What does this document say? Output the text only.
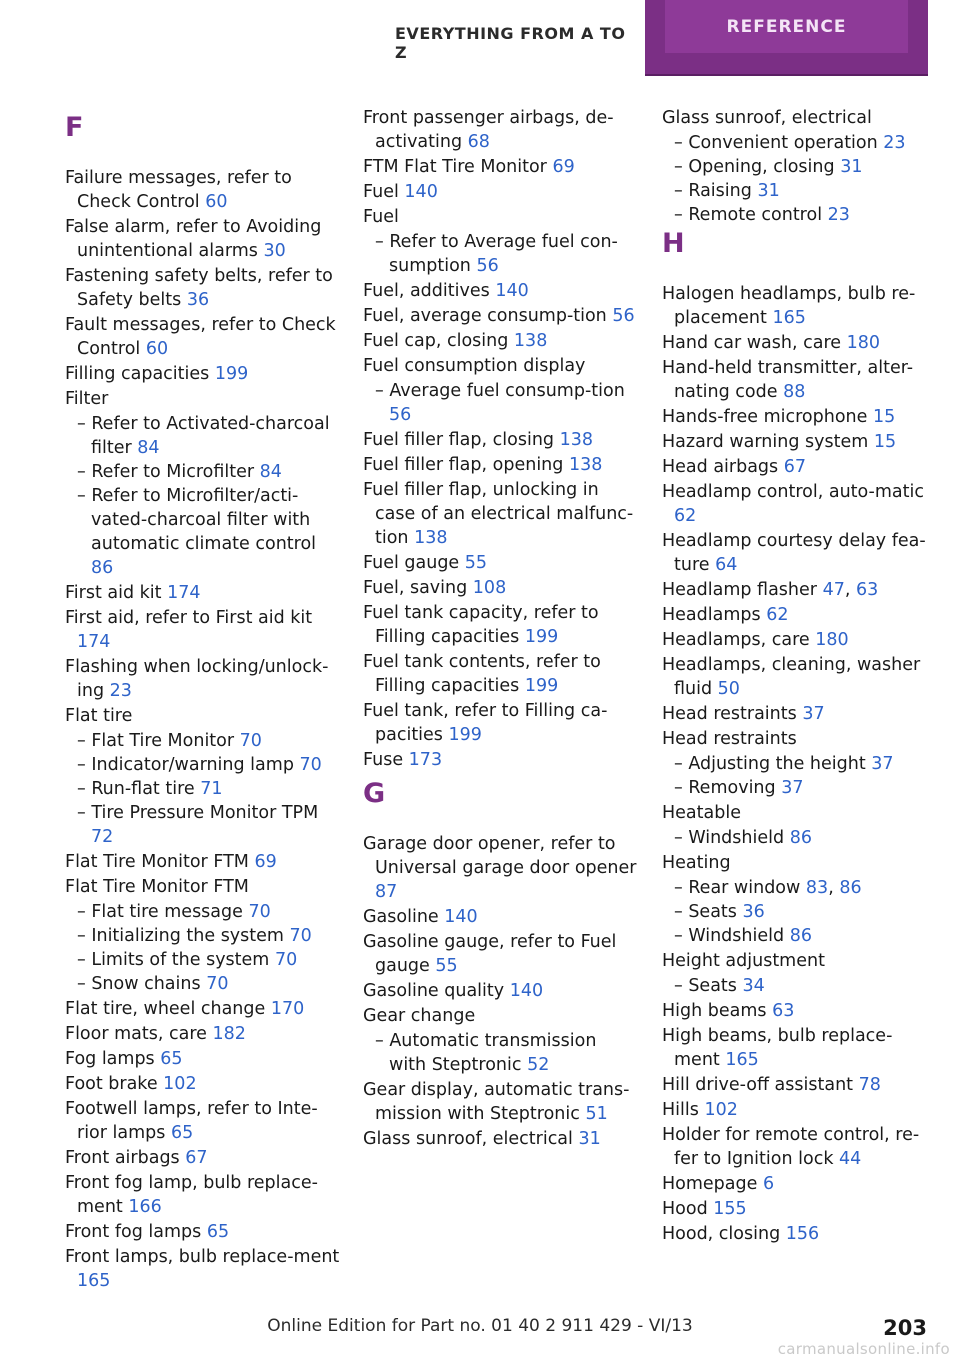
EVERYTHING FROM A TO Z
REFERENCE
F
Failure messages, refer to Check Control 60
False alarm, refer to Avoiding unintentional alarms 30
Fastening safety belts, refer to Safety belts 36
Fault messages, refer to Check Control 60
Filling capacities 199
Filter
– Refer to Activated-charcoal filter 84
– Refer to Microfilter 84
– Refer to Microfilter/acti-vated-charcoal filter with automatic climate control 86
First aid kit 174
First aid, refer to First aid kit 174
Flashing when locking/unlock-ing 23
Flat tire
– Flat Tire Monitor 70
– Indicator/warning lamp 70
– Run-flat tire 71
– Tire Pressure Monitor TPM 72
Flat Tire Monitor FTM 69
Flat Tire Monitor FTM
– Flat tire message 70
– Initializing the system 70
– Limits of the system 70
– Snow chains 70
Flat tire, wheel change 170
Floor mats, care 182
Fog lamps 65
Foot brake 102
Footwell lamps, refer to Inte-rior lamps 65
Front airbags 67
Front fog lamp, bulb replace-ment 166
Front fog lamps 65
Front lamps, bulb replace-ment 165
Front passenger airbags, de-activating 68
FTM Flat Tire Monitor 69
Fuel 140
Fuel
– Refer to Average fuel con-sumption 56
Fuel, additives 140
Fuel, average consump-tion 56
Fuel cap, closing 138
Fuel consumption display
– Average fuel consump-tion 56
Fuel filler flap, closing 138
Fuel filler flap, opening 138
Fuel filler flap, unlocking in case of an electrical malfunc-tion 138
Fuel gauge 55
Fuel, saving 108
Fuel tank capacity, refer to Filling capacities 199
Fuel tank contents, refer to Filling capacities 199
Fuel tank, refer to Filling ca-pacities 199
Fuse 173
G
Garage door opener, refer to Universal garage door opener 87
Gasoline 140
Gasoline gauge, refer to Fuel gauge 55
Gasoline quality 140
Gear change
– Automatic transmission with Steptronic 52
Gear display, automatic trans-mission with Steptronic 51
Glass sunroof, electrical 31
Glass sunroof, electrical
– Convenient operation 23
– Opening, closing 31
– Raising 31
– Remote control 23
H
Halogen headlamps, bulb re-placement 165
Hand car wash, care 180
Hand-held transmitter, alter-nating code 88
Hands-free microphone 15
Hazard warning system 15
Head airbags 67
Headlamp control, auto-matic 62
Headlamp courtesy delay fea-ture 64
Headlamp flasher 47, 63
Headlamps 62
Headlamps, care 180
Headlamps, cleaning, washer fluid 50
Head restraints 37
Head restraints
– Adjusting the height 37
– Removing 37
Heatable
– Windshield 86
Heating
– Rear window 83, 86
– Seats 36
– Windshield 86
Height adjustment
– Seats 34
High beams 63
High beams, bulb replace-ment 165
Hill drive-off assistant 78
Hills 102
Holder for remote control, re-fer to Ignition lock 44
Homepage 6
Hood 155
Hood, closing 156
Online Edition for Part no. 01 40 2 911 429 - VI/13	203
carmanualsonline.info
